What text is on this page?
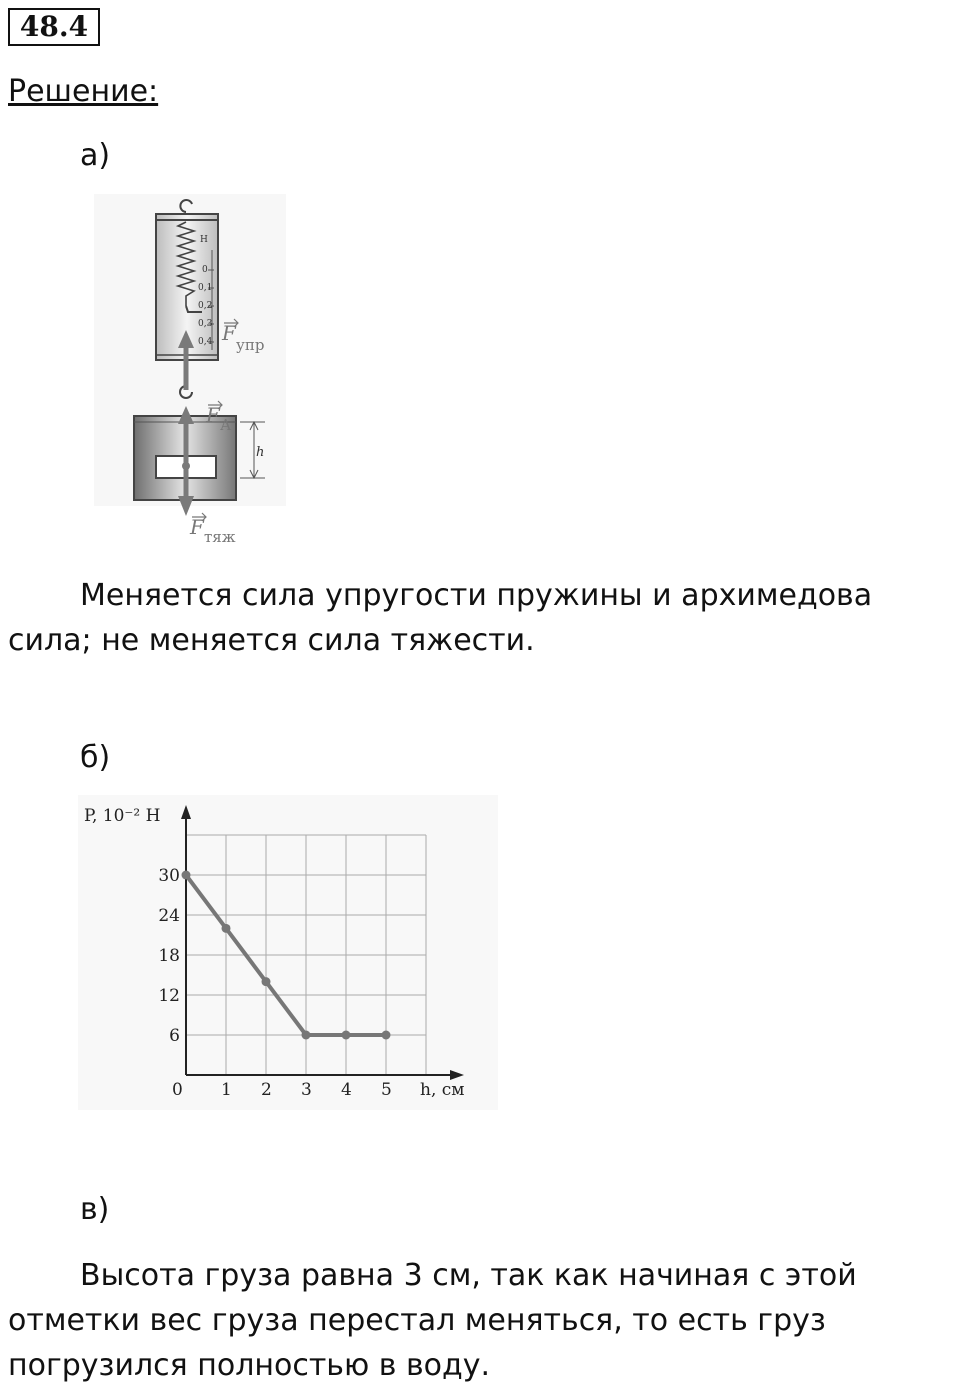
48.4
Решение:
а)
Н
0
0,1
0,2
0,3
0,4
h
F упр
F А
F тяж
Меняется сила упругости пружины и архимедова сила; не меняется сила тяжести.
б)
0 1 2 3 4 5
6
12
18
24
30
P, 10⁻² Н
h, см
в)
Высота груза равна 3 см, так как начиная с этой отметки вес груза перестал меняться, то есть груз погрузился полностью в воду.
